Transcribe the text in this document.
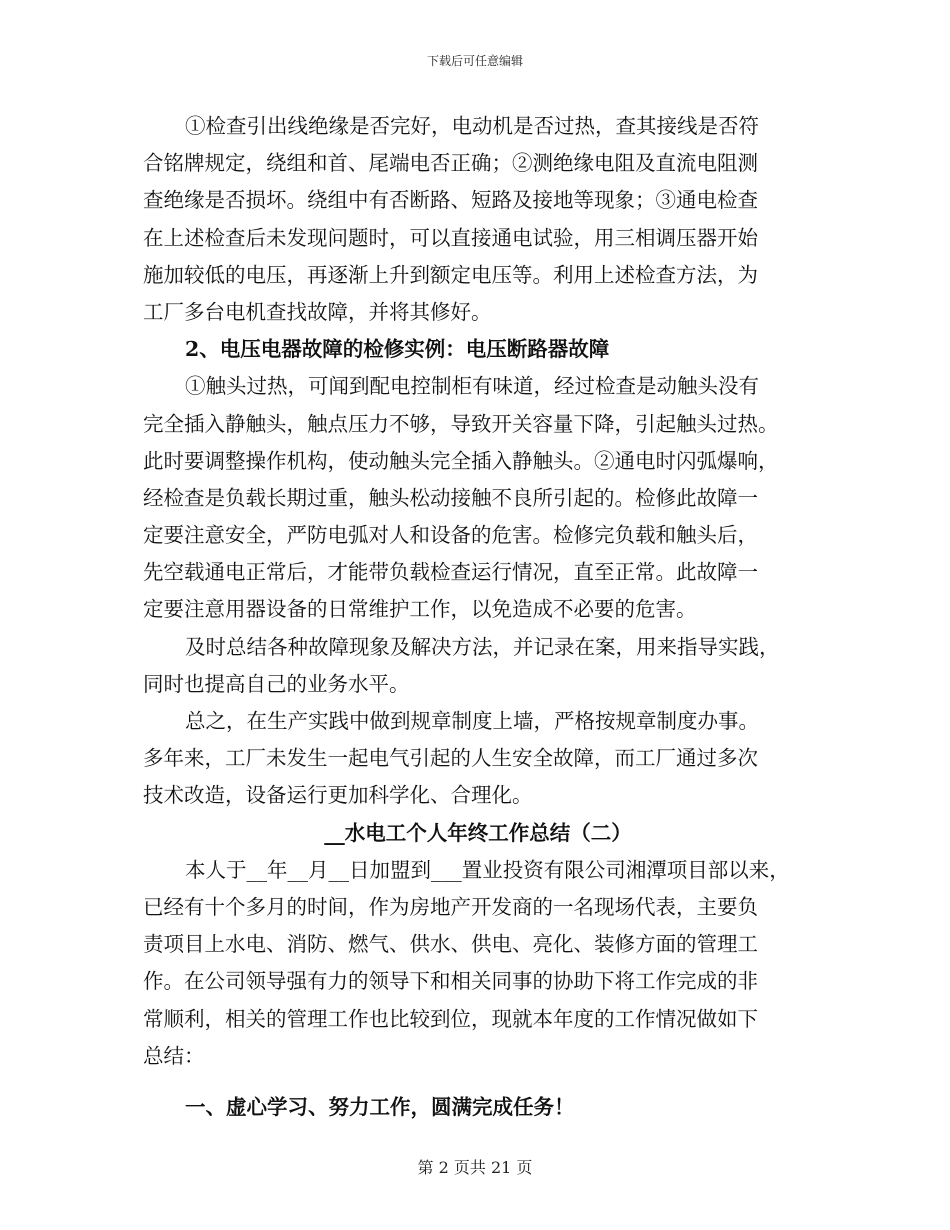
下载后可任意编辑
①检查引出线绝缘是否完好，电动机是否过热，查其接线是否符
合铭牌规定，绕组和首、尾端电否正确；②测绝缘电阻及直流电阻测
查绝缘是否损坏。绕组中有否断路、短路及接地等现象；③通电检查
在上述检查后未发现问题时，可以直接通电试验，用三相调压器开始
施加较低的电压，再逐渐上升到额定电压等。利用上述检查方法，为
工厂多台电机查找故障，并将其修好。
2、电压电器故障的检修实例：电压断路器故障
①触头过热，可闻到配电控制柜有味道，经过检查是动触头没有
完全插入静触头，触点压力不够，导致开关容量下降，引起触头过热。
此时要调整操作机构，使动触头完全插入静触头。②通电时闪弧爆响，
经检查是负载长期过重，触头松动接触不良所引起的。检修此故障一
定要注意安全，严防电弧对人和设备的危害。检修完负载和触头后，
先空载通电正常后，才能带负载检查运行情况，直至正常。此故障一
定要注意用器设备的日常维护工作，以免造成不必要的危害。
及时总结各种故障现象及解决方法，并记录在案，用来指导实践，
同时也提高自己的业务水平。
总之，在生产实践中做到规章制度上墙，严格按规章制度办事。
多年来，工厂未发生一起电气引起的人生安全故障，而工厂通过多次
技术改造，设备运行更加科学化、合理化。
__水电工个人年终工作总结（二）
本人于__年__月__日加盟到___置业投资有限公司湘潭项目部以来，
已经有十个多月的时间，作为房地产开发商的一名现场代表，主要负
责项目上水电、消防、燃气、供水、供电、亮化、装修方面的管理工
作。在公司领导强有力的领导下和相关同事的协助下将工作完成的非
常顺利，相关的管理工作也比较到位，现就本年度的工作情况做如下
总结：
一、虚心学习、努力工作，圆满完成任务！
第 2 页共 21 页
